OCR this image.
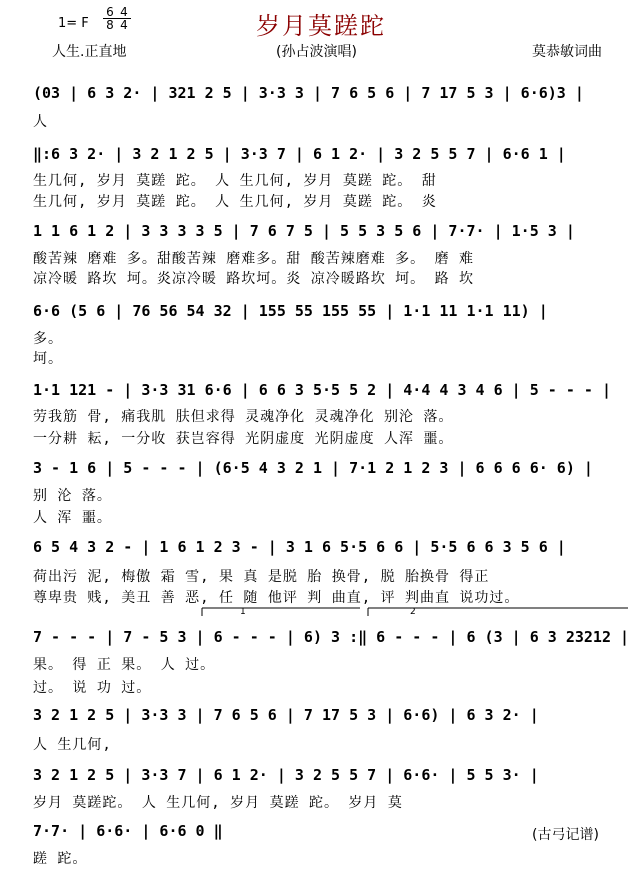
岁月莫蹉跎
1= F $\frac{6}{8} \frac{4}{4}$
人生.正直地	(孙占波演唱)	莫恭敏词曲
(03 | 6 3 2· | 321 2 5 | 3·3 3 | 7 6 5 6 | 7 17 5 3 | 6·6)3 |
人
‖:6 3 2· | 3 2 1 2 5 | 3·3 7 | 6 1 2· | 3 2 5 5 7 | 6·6 1 |
生几何, 岁月 莫蹉 跎。 人 生几何, 岁月 莫蹉 跎。 甜
生几何, 岁月 莫蹉 跎。 人 生几何, 岁月 莫蹉 跎。 炎
1 1 6 1 2 | 3 3 3 3 5 | 7 6 7 5 | 5 5 3 5 6 | 7·7· | 1·5 3 |
酸苦辣 磨难 多。甜酸苦辣 磨难多。甜 酸苦辣磨难 多。 磨 难
凉冷暖 路坎 坷。炎凉冷暖 路坎坷。炎 凉冷暖路坎 坷。 路 坎
6·6 (5 6 | 76 56 54 32 | 155 55 155 55 | 1·1 11 1·1 11) |
多。
坷。
1·1 121 - | 3·3 31 6·6 | 6 6 3 5·5 5 2 | 4·4 4 3 4 6 | 5 - - - |
劳我筋 骨, 痛我肌 肤但求得 灵魂净化 灵魂净化 别沦 落。
一分耕 耘, 一分收 获岂容得 光阴虚度 光阴虚度 人浑 噩。
3 - 1 6 | 5 - - - | (6·5 4 3 2 1 | 7·1 2 1 2 3 | 6 6 6 6· 6) |
别 沦 落。
人 浑 噩。
6 5 4 3 2 - | 1 6 1 2 3 - | 3 1 6 5·5 6 6 | 5·5 6 6 3 5 6 |
荷出污 泥, 梅傲 霜 雪, 果 真 是脱 胎 换骨, 脱 胎换骨 得正
尊卑贵 贱, 美丑 善 恶, 任 随 他评 判 曲直, 评 判曲直 说功过。
1	2
7 - - - | 7 - 5 3 | 6 - - - | 6) 3 :‖ 6 - - - | 6 (3 | 6 3 23212 |
果。 得 正 果。 人 过。
过。 说 功 过。
3 2 1 2 5 | 3·3 3 | 7 6 5 6 | 7 17 5 3 | 6·6) | 6 3 2· |
人 生几何,
3 2 1 2 5 | 3·3 7 | 6 1 2· | 3 2 5 5 7 | 6·6· | 5 5 3· |
岁月 莫蹉跎。 人 生几何, 岁月 莫蹉 跎。 岁月 莫
7·7· | 6·6· | 6·6 0 ‖
蹉 跎。
(古弓记谱)
